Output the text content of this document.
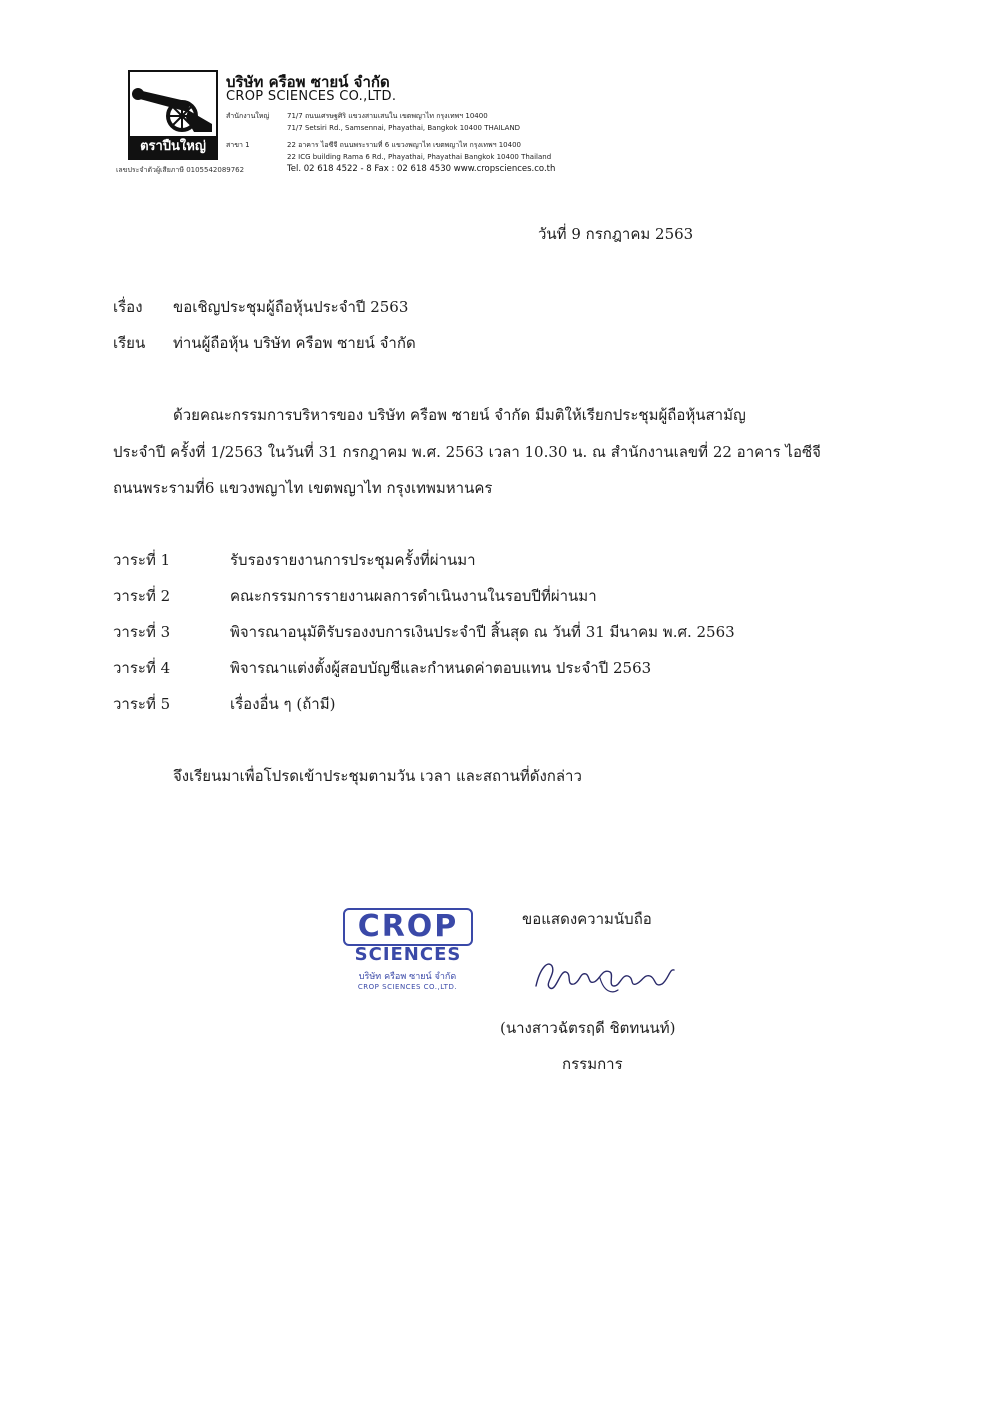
ตราปืนใหญ่
เลขประจำตัวผู้เสียภาษี 0105542089762
บริษัท ครือพ ซายน์ จำกัด
CROP SCIENCES CO.,LTD.
สำนักงานใหญ่	71/7 ถนนเศรษฐศิริ แขวงสามเสนใน เขตพญาไท กรุงเทพฯ 10400
71/7 Setsiri Rd., Samsennai, Phayathai, Bangkok 10400 THAILAND
สาขา 1	22 อาคาร ไอซีจี ถนนพระรามที่ 6 แขวงพญาไท เขตพญาไท กรุงเทพฯ 10400
22 ICG building Rama 6 Rd., Phayathai, Phayathai Bangkok 10400 Thailand
Tel. 02 618 4522 - 8 Fax : 02 618 4530 www.cropsciences.co.th
วันที่ 9 กรกฎาคม 2563
เรื่อง ขอเชิญประชุมผู้ถือหุ้นประจำปี 2563
เรียน ท่านผู้ถือหุ้น บริษัท ครือพ ซายน์ จำกัด
ด้วยคณะกรรมการบริหารของ บริษัท ครือพ ซายน์ จำกัด มีมติให้เรียกประชุมผู้ถือหุ้นสามัญ
ประจำปี ครั้งที่ 1/2563 ในวันที่ 31 กรกฎาคม พ.ศ. 2563 เวลา 10.30 น. ณ สำนักงานเลขที่ 22 อาคาร ไอซีจี
ถนนพระรามที่6 แขวงพญาไท เขตพญาไท กรุงเทพมหานคร
วาระที่ 1	รับรองรายงานการประชุมครั้งที่ผ่านมา
วาระที่ 2	คณะกรรมการรายงานผลการดำเนินงานในรอบปีที่ผ่านมา
วาระที่ 3	พิจารณาอนุมัติรับรองงบการเงินประจำปี สิ้นสุด ณ วันที่ 31 มีนาคม พ.ศ. 2563
วาระที่ 4	พิจารณาแต่งตั้งผู้สอบบัญชีและกำหนดค่าตอบแทน ประจำปี 2563
วาระที่ 5	เรื่องอื่น ๆ (ถ้ามี)
จึงเรียนมาเพื่อโปรดเข้าประชุมตามวัน เวลา และสถานที่ดังกล่าว
CROP
SCIENCES
บริษัท ครือพ ซายน์ จำกัด
CROP SCIENCES CO.,LTD.
ขอแสดงความนับถือ
(นางสาวฉัตรฤดี ชิตทนนท์)
กรรมการ
